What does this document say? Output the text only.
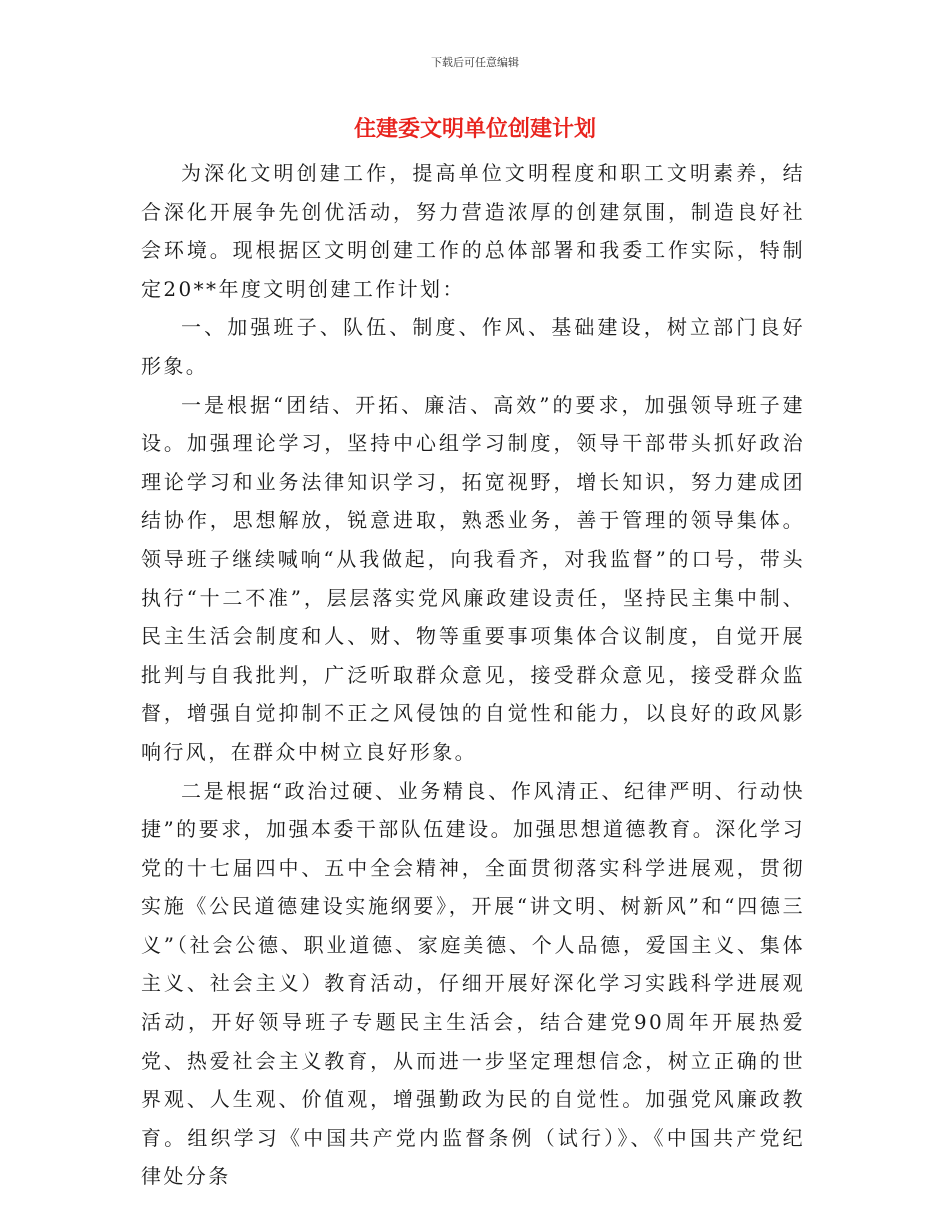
下载后可任意编辑
住建委文明单位创建计划

为深化文明创建工作，提高单位文明程度和职工文明素养，结合深化开展争先创优活动，努力营造浓厚的创建氛围，制造良好社会环境。现根据区文明创建工作的总体部署和我委工作实际，特制定20**年度文明创建工作计划：

一、加强班子、队伍、制度、作风、基础建设，树立部门良好形象。

一是根据“团结、开拓、廉洁、高效”的要求，加强领导班子建设。加强理论学习，坚持中心组学习制度，领导干部带头抓好政治理论学习和业务法律知识学习，拓宽视野，增长知识，努力建成团结协作，思想解放，锐意进取，熟悉业务，善于管理的领导集体。领导班子继续喊响“从我做起，向我看齐，对我监督”的口号，带头执行“十二不准”，层层落实党风廉政建设责任，坚持民主集中制、民主生活会制度和人、财、物等重要事项集体合议制度，自觉开展批判与自我批判，广泛听取群众意见，接受群众意见，接受群众监督，增强自觉抑制不正之风侵蚀的自觉性和能力，以良好的政风影响行风，在群众中树立良好形象。

二是根据“政治过硬、业务精良、作风清正、纪律严明、行动快捷”的要求，加强本委干部队伍建设。加强思想道德教育。深化学习党的十七届四中、五中全会精神，全面贯彻落实科学进展观，贯彻实施《公民道德建设实施纲要》，开展“讲文明、树新风”和“四德三义”（社会公德、职业道德、家庭美德、个人品德，爱国主义、集体主义、社会主义）教育活动，仔细开展好深化学习实践科学进展观活动，开好领导班子专题民主生活会，结合建党90周年开展热爱党、热爱社会主义教育，从而进一步坚定理想信念，树立正确的世界观、人生观、价值观，增强勤政为民的自觉性。加强党风廉政教育。组织学习《中国共产党内监督条例（试行）》、《中国共产党纪律处分条
